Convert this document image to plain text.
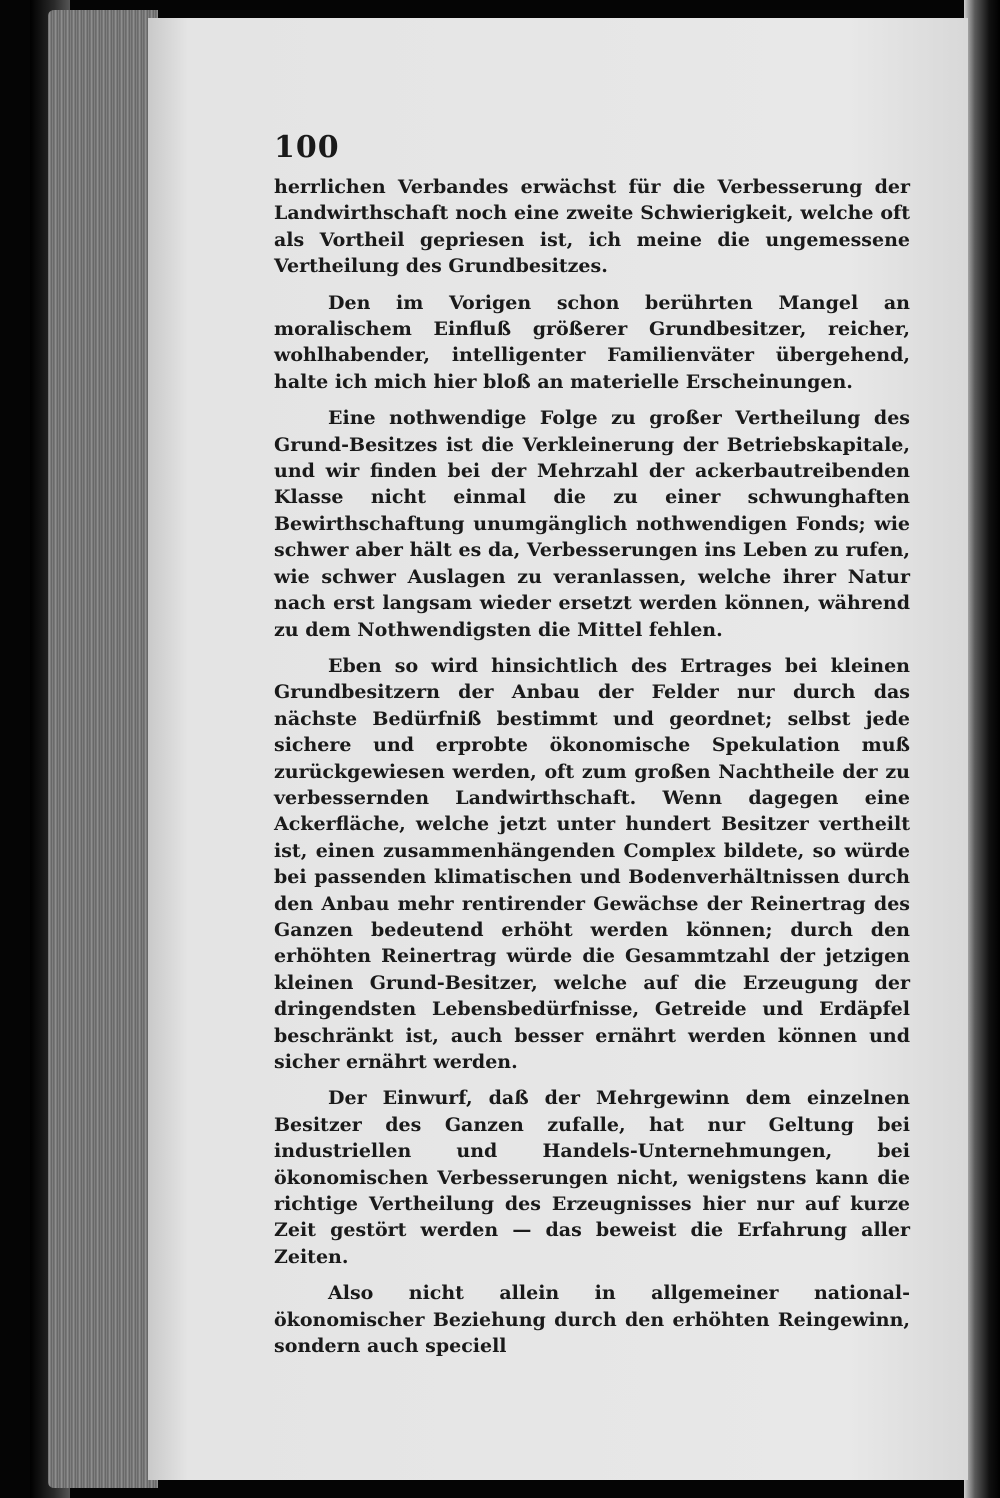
100

herrlichen Verbandes erwächst für die Verbesserung der Landwirthschaft noch eine zweite Schwierigkeit, welche oft als Vortheil gepriesen ist, ich meine die ungemessene Vertheilung des Grundbesitzes.

Den im Vorigen schon berührten Mangel an moralischem Einfluß größerer Grundbesitzer, reicher, wohlhabender, intelligenter Familienväter übergehend, halte ich mich hier bloß an materielle Erscheinungen.

Eine nothwendige Folge zu großer Vertheilung des Grund-Besitzes ist die Verkleinerung der Betriebskapitale, und wir finden bei der Mehrzahl der ackerbautreibenden Klasse nicht einmal die zu einer schwunghaften Bewirthschaftung unumgänglich nothwendigen Fonds; wie schwer aber hält es da, Verbesserungen ins Leben zu rufen, wie schwer Auslagen zu veranlassen, welche ihrer Natur nach erst langsam wieder ersetzt werden können, während zu dem Nothwendigsten die Mittel fehlen.

Eben so wird hinsichtlich des Ertrages bei kleinen Grundbesitzern der Anbau der Felder nur durch das nächste Bedürfniß bestimmt und geordnet; selbst jede sichere und erprobte ökonomische Spekulation muß zurückgewiesen werden, oft zum großen Nachtheile der zu verbessernden Landwirthschaft. Wenn dagegen eine Ackerfläche, welche jetzt unter hundert Besitzer vertheilt ist, einen zusammenhängenden Complex bildete, so würde bei passenden klimatischen und Bodenverhältnissen durch den Anbau mehr rentirender Gewächse der Reinertrag des Ganzen bedeutend erhöht werden können; durch den erhöhten Reinertrag würde die Gesammtzahl der jetzigen kleinen Grund-Besitzer, welche auf die Erzeugung der dringendsten Lebensbedürfnisse, Getreide und Erdäpfel beschränkt ist, auch besser ernährt werden können und sicher ernährt werden.

Der Einwurf, daß der Mehrgewinn dem einzelnen Besitzer des Ganzen zufalle, hat nur Geltung bei industriellen und Handels-Unternehmungen, bei ökonomischen Verbesserungen nicht, wenigstens kann die richtige Vertheilung des Erzeugnisses hier nur auf kurze Zeit gestört werden — das beweist die Erfahrung aller Zeiten.

Also nicht allein in allgemeiner national-ökonomischer Beziehung durch den erhöhten Reingewinn, sondern auch speciell
